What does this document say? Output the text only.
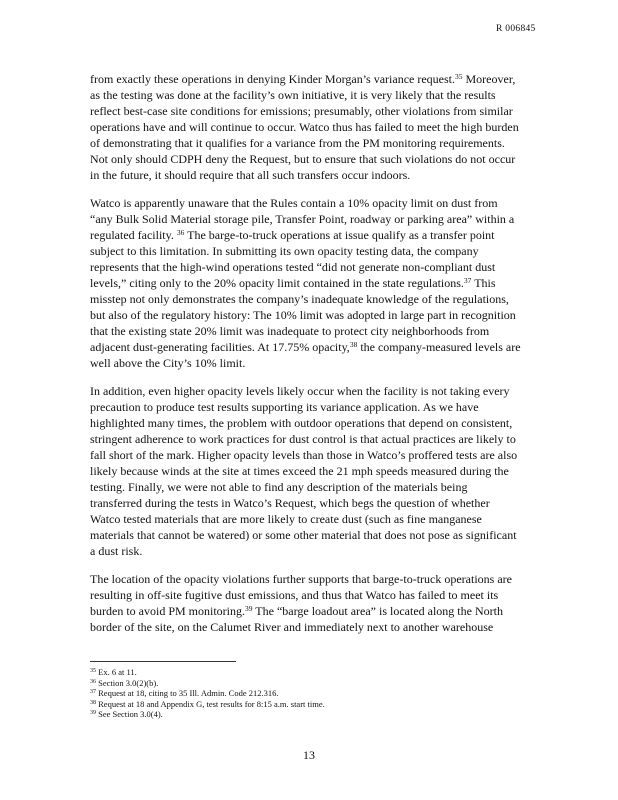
R 006845

from exactly these operations in denying Kinder Morgan’s variance request.$^{35}$ Moreover, as the testing was done at the facility’s own initiative, it is very likely that the results reflect best-case site conditions for emissions; presumably, other violations from similar operations have and will continue to occur. Watco thus has failed to meet the high burden of demonstrating that it qualifies for a variance from the PM monitoring requirements. Not only should CDPH deny the Request, but to ensure that such violations do not occur in the future, it should require that all such transfers occur indoors.

Watco is apparently unaware that the Rules contain a 10% opacity limit on dust from “any Bulk Solid Material storage pile, Transfer Point, roadway or parking area” within a regulated facility. $^{36}$ The barge-to-truck operations at issue qualify as a transfer point subject to this limitation. In submitting its own opacity testing data, the company represents that the high-wind operations tested “did not generate non-compliant dust levels,” citing only to the 20% opacity limit contained in the state regulations.$^{37}$ This misstep not only demonstrates the company’s inadequate knowledge of the regulations, but also of the regulatory history: The 10% limit was adopted in large part in recognition that the existing state 20% limit was inadequate to protect city neighborhoods from adjacent dust-generating facilities. At 17.75% opacity,$^{38}$ the company-measured levels are well above the City’s 10% limit.

In addition, even higher opacity levels likely occur when the facility is not taking every precaution to produce test results supporting its variance application. As we have highlighted many times, the problem with outdoor operations that depend on consistent, stringent adherence to work practices for dust control is that actual practices are likely to fall short of the mark. Higher opacity levels than those in Watco’s proffered tests are also likely because winds at the site at times exceed the 21 mph speeds measured during the testing. Finally, we were not able to find any description of the materials being transferred during the tests in Watco’s Request, which begs the question of whether Watco tested materials that are more likely to create dust (such as fine manganese materials that cannot be watered) or some other material that does not pose as significant a dust risk.

The location of the opacity violations further supports that barge-to-truck operations are resulting in off-site fugitive dust emissions, and thus that Watco has failed to meet its burden to avoid PM monitoring.$^{39}$ The “barge loadout area” is located along the North border of the site, on the Calumet River and immediately next to another warehouse

$^{35}$ Ex. 6 at 11.
$^{36}$ Section 3.0(2)(b).
$^{37}$ Request at 18, citing to 35 Ill. Admin. Code 212.316.
$^{38}$ Request at 18 and Appendix G, test results for 8:15 a.m. start time.
$^{39}$ See Section 3.0(4).
13
